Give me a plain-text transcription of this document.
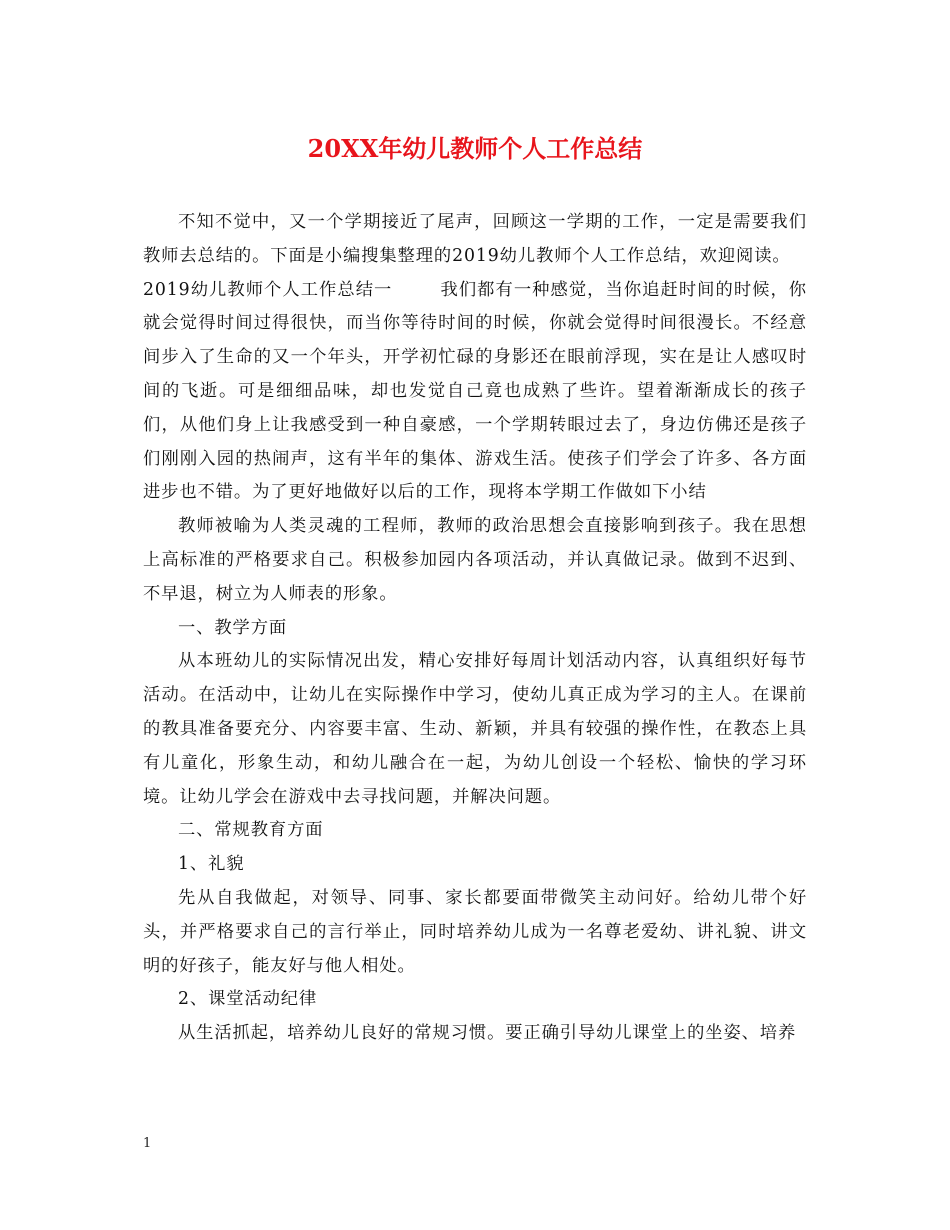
20XX年幼儿教师个人工作总结

不知不觉中，又一个学期接近了尾声，回顾这一学期的工作，一定是需要我们教师去总结的。下面是小编搜集整理的2019幼儿教师个人工作总结，欢迎阅读。

2019幼儿教师个人工作总结一	我们都有一种感觉，当你追赶时间的时候，你就会觉得时间过得很快，而当你等待时间的时候，你就会觉得时间很漫长。不经意间步入了生命的又一个年头，开学初忙碌的身影还在眼前浮现，实在是让人感叹时间的飞逝。可是细细品味，却也发觉自己竟也成熟了些许。望着渐渐成长的孩子们，从他们身上让我感受到一种自豪感，一个学期转眼过去了，身边仿佛还是孩子们刚刚入园的热闹声，这有半年的集体、游戏生活。使孩子们学会了许多、各方面进步也不错。为了更好地做好以后的工作，现将本学期工作做如下小结

教师被喻为人类灵魂的工程师，教师的政治思想会直接影响到孩子。我在思想上高标准的严格要求自己。积极参加园内各项活动，并认真做记录。做到不迟到、不早退，树立为人师表的形象。

一、教学方面

从本班幼儿的实际情况出发，精心安排好每周计划活动内容，认真组织好每节活动。在活动中，让幼儿在实际操作中学习，使幼儿真正成为学习的主人。在课前的教具准备要充分、内容要丰富、生动、新颖，并具有较强的操作性，在教态上具有儿童化，形象生动，和幼儿融合在一起，为幼儿创设一个轻松、愉快的学习环境。让幼儿学会在游戏中去寻找问题，并解决问题。

二、常规教育方面

1、礼貌

先从自我做起，对领导、同事、家长都要面带微笑主动问好。给幼儿带个好头，并严格要求自己的言行举止，同时培养幼儿成为一名尊老爱幼、讲礼貌、讲文明的好孩子，能友好与他人相处。

2、课堂活动纪律

从生活抓起，培养幼儿良好的常规习惯。要正确引导幼儿课堂上的坐姿、培养

1
